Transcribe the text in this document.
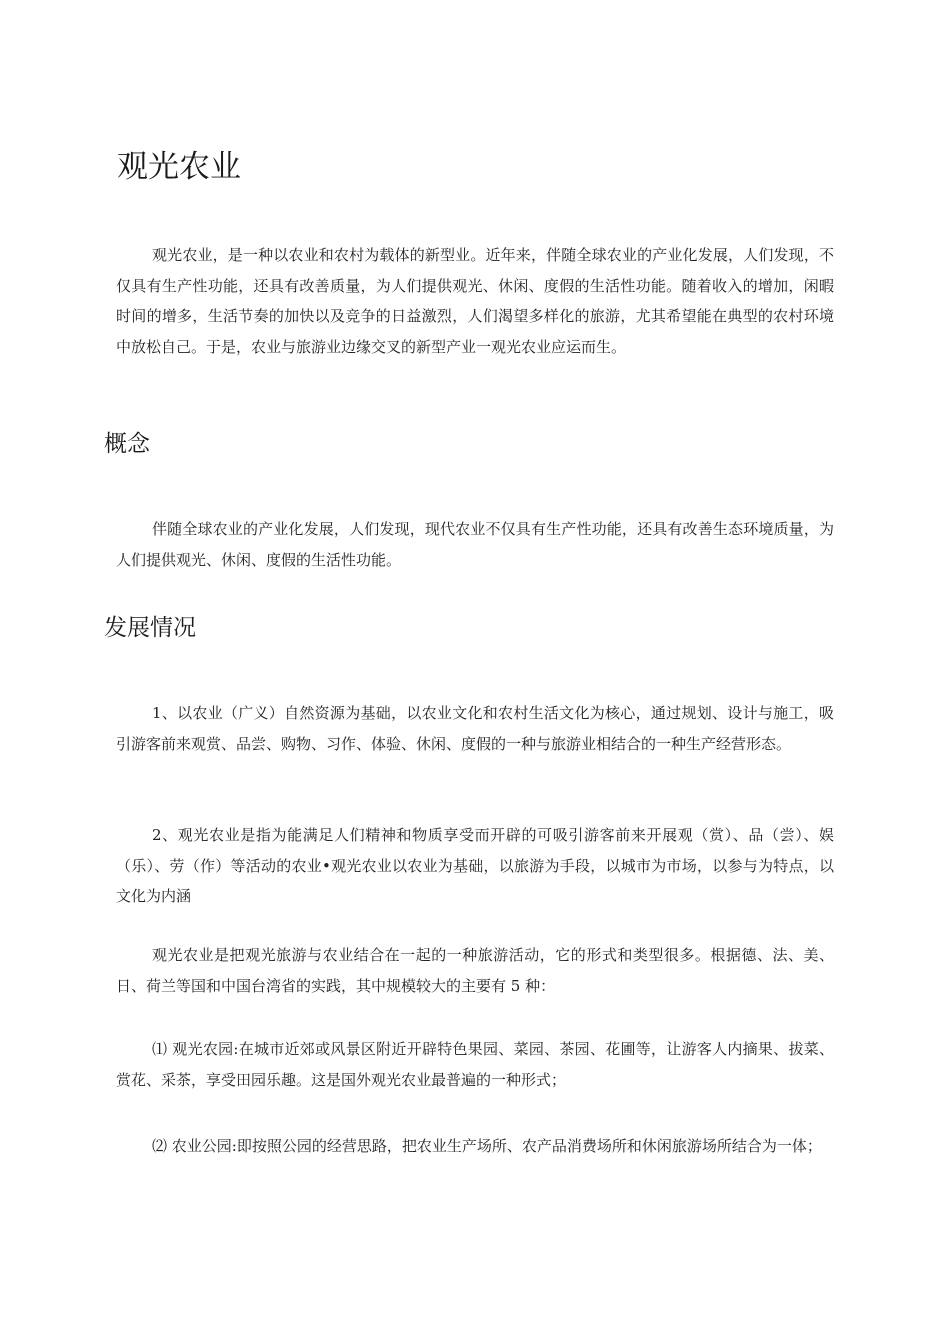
观光农业

观光农业，是一种以农业和农村为载体的新型业。近年来，伴随全球农业的产业化发展，人们发现，不仅具有生产性功能，还具有改善质量，为人们提供观光、休闲、度假的生活性功能。随着收入的增加，闲暇时间的增多，生活节奏的加快以及竞争的日益激烈，人们渴望多样化的旅游，尤其希望能在典型的农村环境中放松自己。于是，农业与旅游业边缘交叉的新型产业一观光农业应运而生。

概念

伴随全球农业的产业化发展，人们发现，现代农业不仅具有生产性功能，还具有改善生态环境质量，为人们提供观光、休闲、度假的生活性功能。

发展情况

1、以农业（广义）自然资源为基础，以农业文化和农村生活文化为核心，通过规划、设计与施工，吸引游客前来观赏、品尝、购物、习作、体验、休闲、度假的一种与旅游业相结合的一种生产经营形态。

2、观光农业是指为能满足人们精神和物质享受而开辟的可吸引游客前来开展观（赏）、品（尝）、娱（乐）、劳（作）等活动的农业•观光农业以农业为基础，以旅游为手段，以城市为市场，以参与为特点，以文化为内涵

观光农业是把观光旅游与农业结合在一起的一种旅游活动，它的形式和类型很多。根据德、法、美、日、荷兰等国和中国台湾省的实践，其中规模较大的主要有 5 种：

⑴ 观光农园:在城市近郊或风景区附近开辟特色果园、菜园、茶园、花圃等，让游客人内摘果、拔菜、赏花、采茶，享受田园乐趣。这是国外观光农业最普遍的一种形式；

⑵ 农业公园:即按照公园的经营思路，把农业生产场所、农产品消费场所和休闲旅游场所结合为一体；
